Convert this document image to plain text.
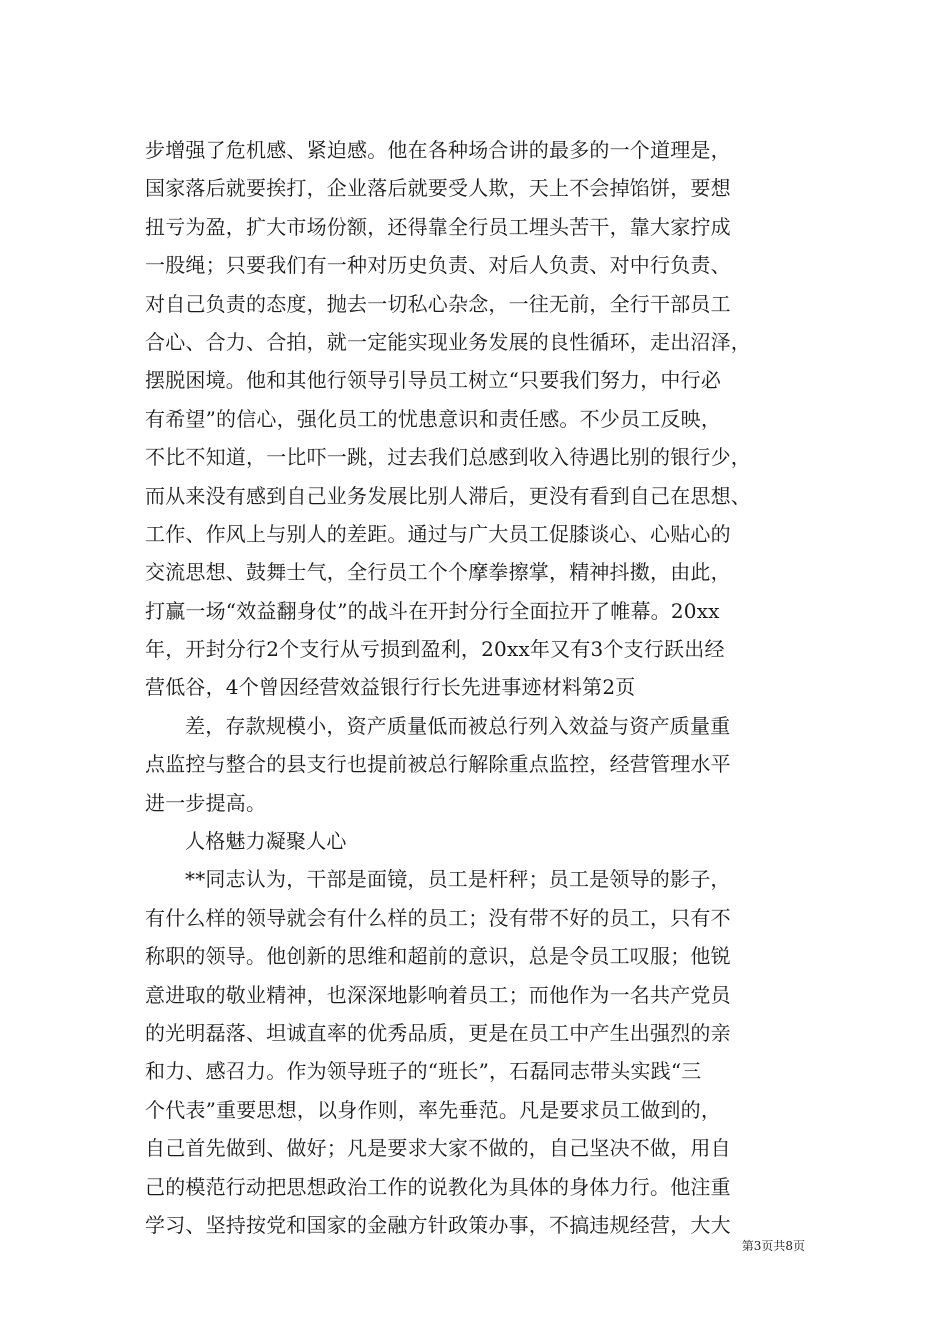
步增强了危机感、紧迫感。他在各种场合讲的最多的一个道理是，
国家落后就要挨打，企业落后就要受人欺，天上不会掉馅饼，要想
扭亏为盈，扩大市场份额，还得靠全行员工埋头苦干，靠大家拧成
一股绳；只要我们有一种对历史负责、对后人负责、对中行负责、
对自己负责的态度，抛去一切私心杂念，一往无前，全行干部员工
合心、合力、合拍，就一定能实现业务发展的良性循环，走出沼泽，
摆脱困境。他和其他行领导引导员工树立“只要我们努力，中行必
有希望”的信心，强化员工的忧患意识和责任感。不少员工反映，
不比不知道，一比吓一跳，过去我们总感到收入待遇比别的银行少，
而从来没有感到自己业务发展比别人滞后，更没有看到自己在思想、
工作、作风上与别人的差距。通过与广大员工促膝谈心、心贴心的
交流思想、鼓舞士气，全行员工个个摩拳擦掌，精神抖擞，由此，
打赢一场“效益翻身仗”的战斗在开封分行全面拉开了帷幕。20xx
年，开封分行2个支行从亏损到盈利，20xx年又有3个支行跃出经
营低谷，4个曾因经营效益银行行长先进事迹材料第2页
差，存款规模小，资产质量低而被总行列入效益与资产质量重
点监控与整合的县支行也提前被总行解除重点监控，经营管理水平
进一步提高。
人格魅力凝聚人心
**同志认为，干部是面镜，员工是杆秤；员工是领导的影子，
有什么样的领导就会有什么样的员工；没有带不好的员工，只有不
称职的领导。他创新的思维和超前的意识，总是令员工叹服；他锐
意进取的敬业精神，也深深地影响着员工；而他作为一名共产党员
的光明磊落、坦诚直率的优秀品质，更是在员工中产生出强烈的亲
和力、感召力。作为领导班子的“班长”，石磊同志带头实践“三
个代表”重要思想，以身作则，率先垂范。凡是要求员工做到的，
自己首先做到、做好；凡是要求大家不做的，自己坚决不做，用自
己的模范行动把思想政治工作的说教化为具体的身体力行。他注重
学习、坚持按党和国家的金融方针政策办事，不搞违规经营，大大
第3页共8页
